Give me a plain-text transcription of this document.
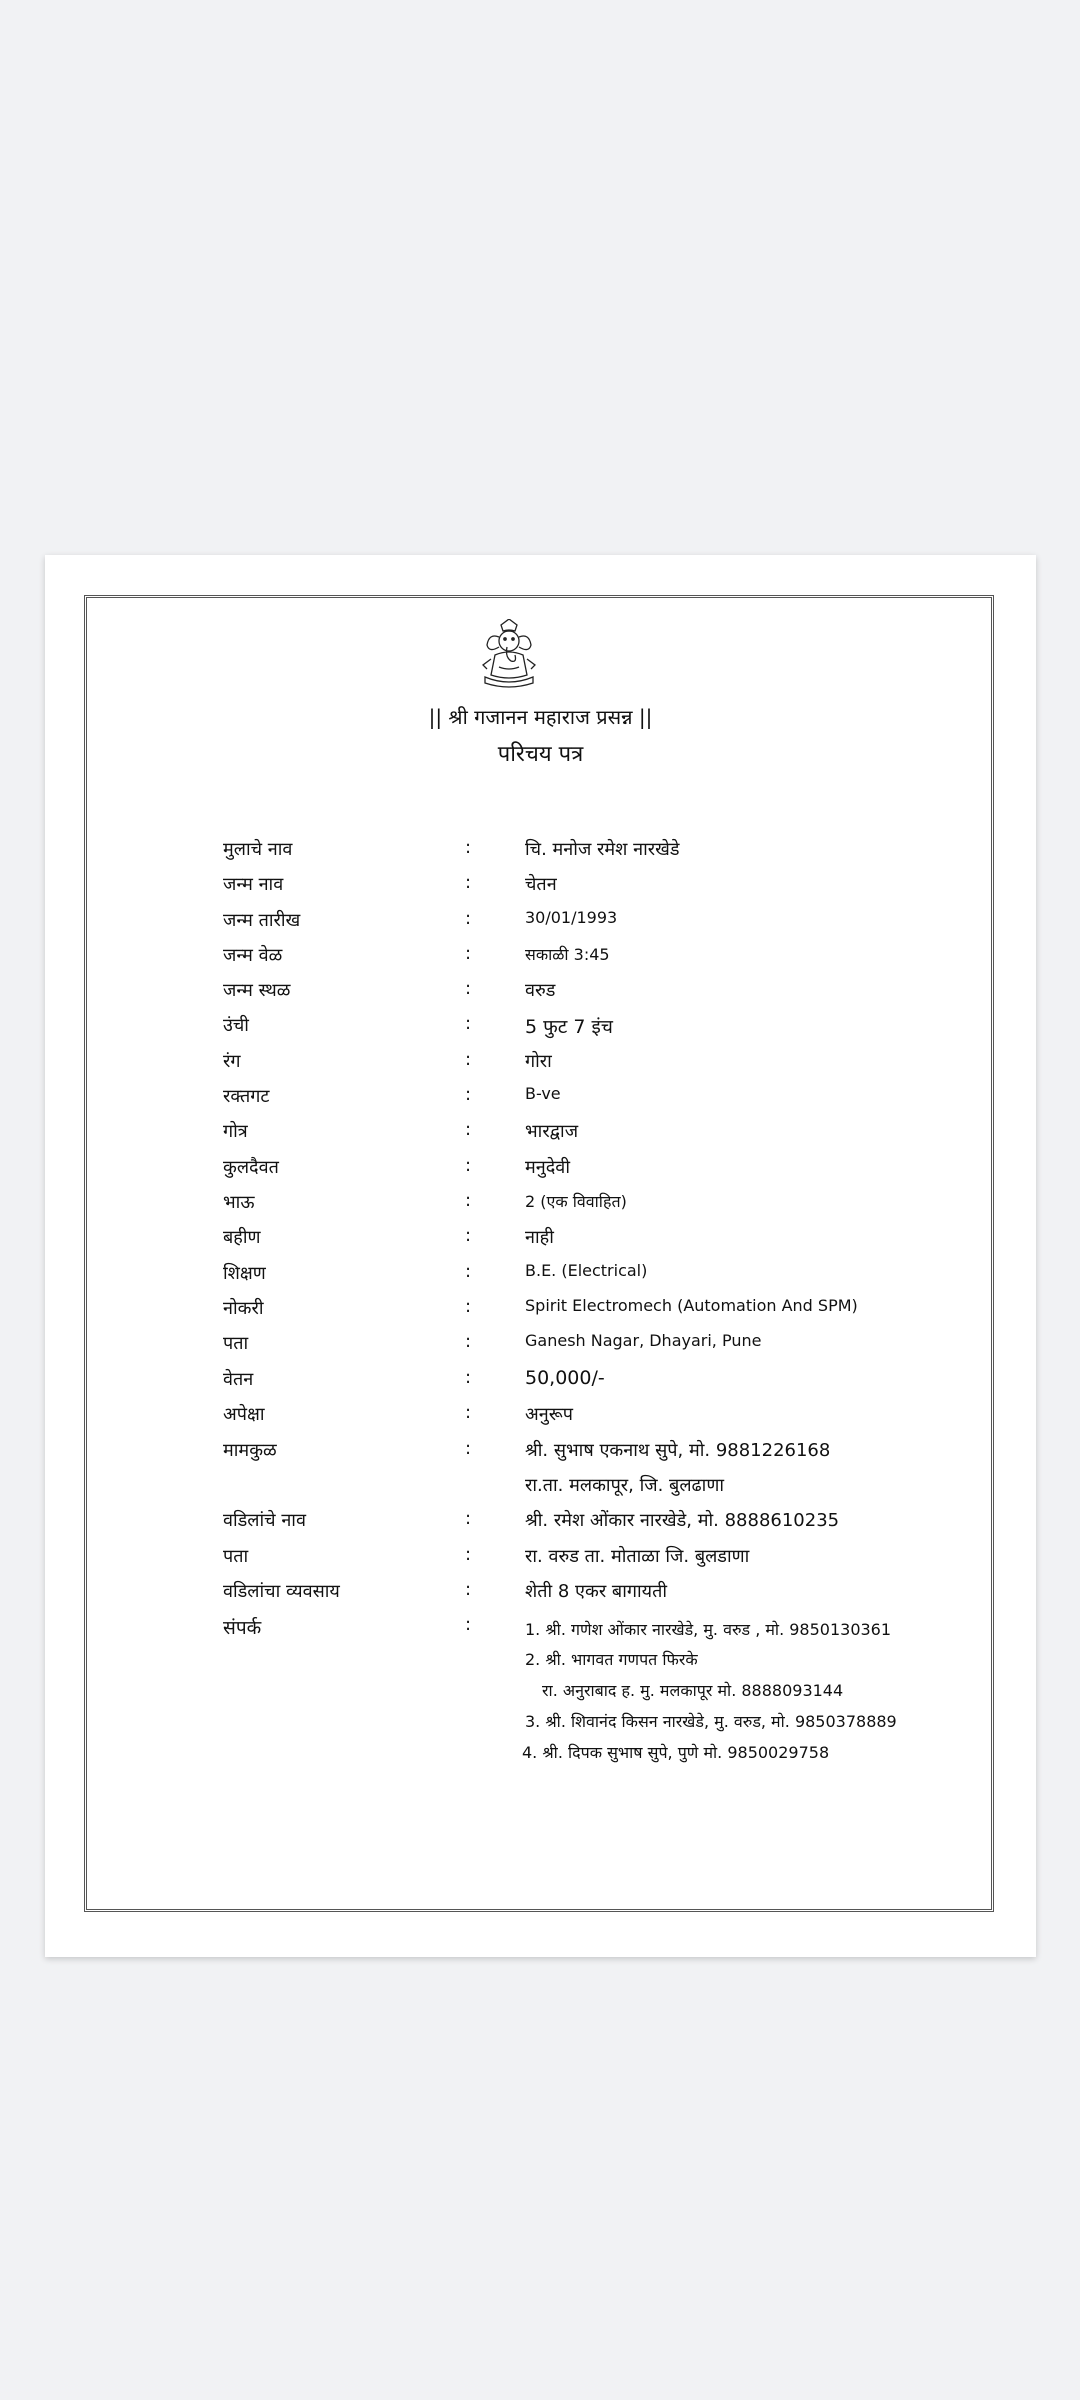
|| श्री गजानन महाराज प्रसन्न ||
परिचय पत्र
मुलाचे नाव	:	चि. मनोज रमेश नारखेडे
जन्म नाव	:	चेतन
जन्म तारीख	:	30/01/1993
जन्म वेळ	:	सकाळी 3:45
जन्म स्थळ	:	वरुड
उंची	:	5 फुट 7 इंच
रंग	:	गोरा
रक्तगट	:	B-ve
गोत्र	:	भारद्वाज
कुलदैवत	:	मनुदेवी
भाऊ	:	2 (एक विवाहित)
बहीण	:	नाही
शिक्षण	:	B.E. (Electrical)
नोकरी	:	Spirit Electromech (Automation And SPM)
पता	:	Ganesh Nagar, Dhayari, Pune
वेतन	:	50,000/-
अपेक्षा	:	अनुरूप
मामकुळ	:	श्री. सुभाष एकनाथ सुपे, मो. 9881226168
रा.ता. मलकापूर, जि. बुलढाणा
वडिलांचे नाव	:	श्री. रमेश ओंकार नारखेडे, मो. 8888610235
पता	:	रा. वरुड ता. मोताळा जि. बुलडाणा
वडिलांचा व्यवसाय	:	शेती 8 एकर बागायती
संपर्क	:	1. श्री. गणेश ओंकार नारखेडे, मु. वरुड , मो. 9850130361
2. श्री. भागवत गणपत फिरके
रा. अनुराबाद ह. मु. मलकापूर मो. 8888093144
3. श्री. शिवानंद किसन नारखेडे, मु. वरुड, मो. 9850378889
4. श्री. दिपक सुभाष सुपे, पुणे मो. 9850029758
